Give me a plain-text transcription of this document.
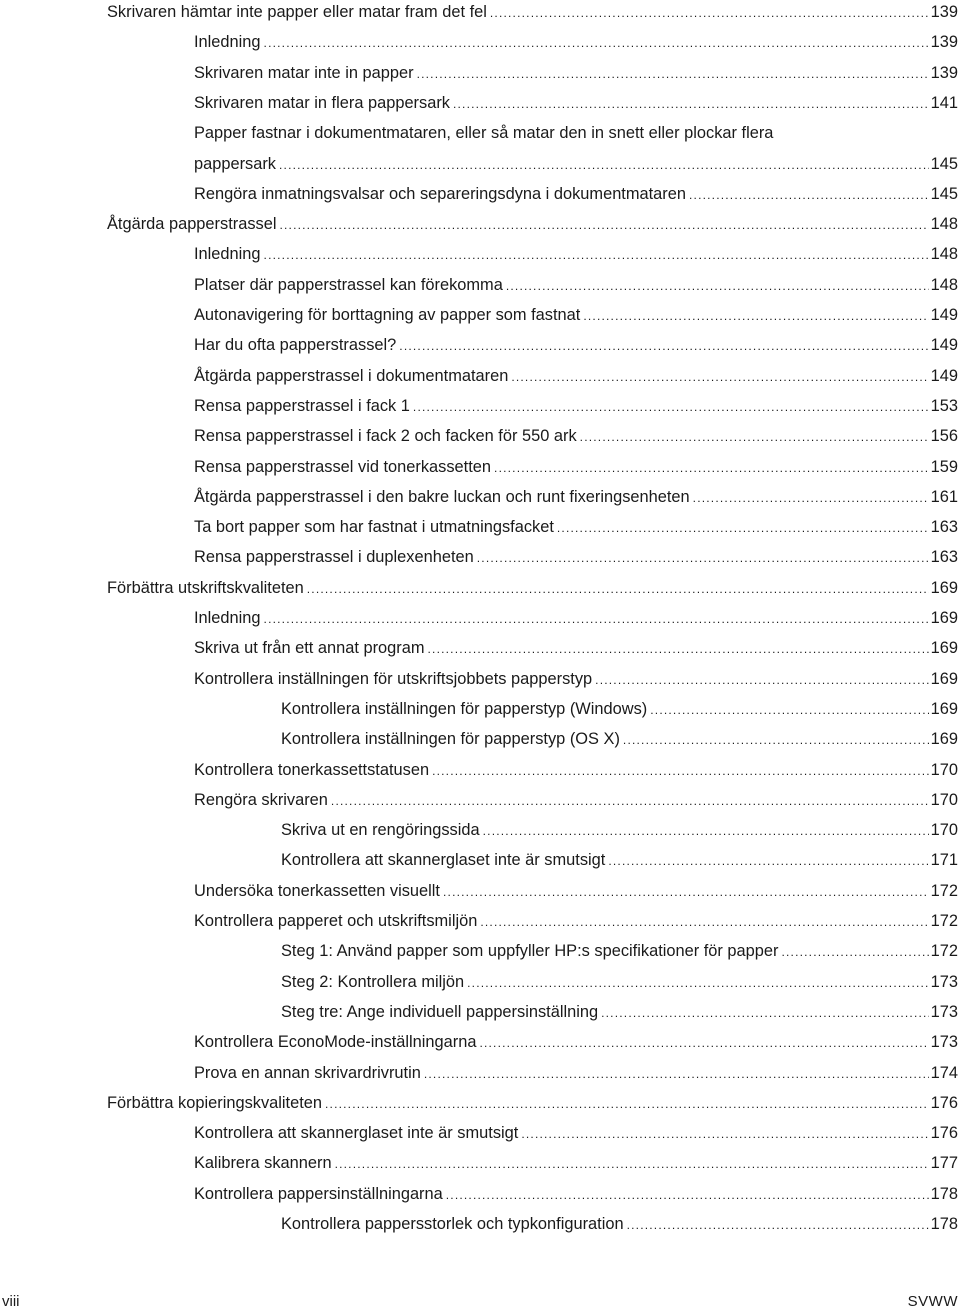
Skrivaren hämtar inte papper eller matar fram det fel .....	139
Inledning .....	139
Skrivaren matar inte in papper .....	139
Skrivaren matar in flera pappersark .....	141
Papper fastnar i dokumentmataren, eller så matar den in snett eller plockar flera
pappersark .....	145
Rengöra inmatningsvalsar och separeringsdyna i dokumentmataren .....	145
Åtgärda papperstrassel .....	148
Inledning .....	148
Platser där papperstrassel kan förekomma .....	148
Autonavigering för borttagning av papper som fastnat .....	149
Har du ofta papperstrassel? .....	149
Åtgärda papperstrassel i dokumentmataren .....	149
Rensa papperstrassel i fack 1 .....	153
Rensa papperstrassel i fack 2 och facken för 550 ark .....	156
Rensa papperstrassel vid tonerkassetten .....	159
Åtgärda papperstrassel i den bakre luckan och runt fixeringsenheten .....	161
Ta bort papper som har fastnat i utmatningsfacket .....	163
Rensa papperstrassel i duplexenheten .....	163
Förbättra utskriftskvaliteten .....	169
Inledning .....	169
Skriva ut från ett annat program .....	169
Kontrollera inställningen för utskriftsjobbets papperstyp .....	169
Kontrollera inställningen för papperstyp (Windows) .....	169
Kontrollera inställningen för papperstyp (OS X) .....	169
Kontrollera tonerkassettstatusen .....	170
Rengöra skrivaren .....	170
Skriva ut en rengöringssida .....	170
Kontrollera att skannerglaset inte är smutsigt .....	171
Undersöka tonerkassetten visuellt .....	172
Kontrollera papperet och utskriftsmiljön .....	172
Steg 1: Använd papper som uppfyller HP:s specifikationer för papper .....	172
Steg 2: Kontrollera miljön .....	173
Steg tre: Ange individuell pappersinställning .....	173
Kontrollera EconoMode-inställningarna .....	173
Prova en annan skrivardrivrutin .....	174
Förbättra kopieringskvaliteten .....	176
Kontrollera att skannerglaset inte är smutsigt .....	176
Kalibrera skannern .....	177
Kontrollera pappersinställningarna .....	178
Kontrollera pappersstorlek och typkonfiguration .....	178
viii	SVWW
